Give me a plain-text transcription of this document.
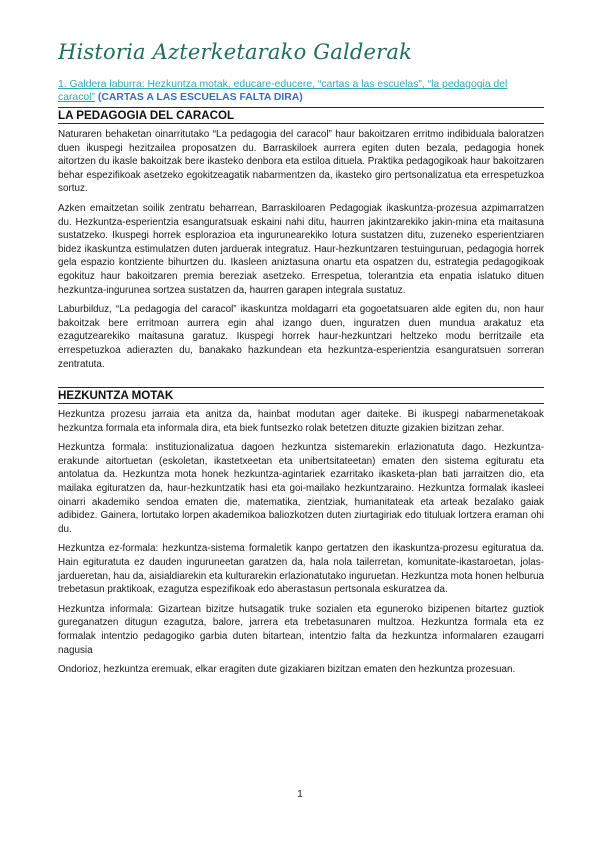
Historia Azterketarako Galderak
1. Galdera laburra: Hezkuntza motak, educare-educere, “cartas a las escuelas”, “la pedagogia del caracol” (CARTAS A LAS ESCUELAS FALTA DIRA)
LA PEDAGOGIA DEL CARACOL

Naturaren behaketan oinarritutako “La pedagogia del caracol” haur bakoitzaren erritmo indibiduala baloratzen duen ikuspegi hezitzailea proposatzen du. Barraskiloek aurrera egiten duten bezala, pedagogia honek aitortzen du ikasle bakoitzak bere ikasteko denbora eta estiloa dituela. Praktika pedagogikoak haur bakoitzaren behar espezifikoak asetzeko egokitzeagatik nabarmentzen da, ikasteko giro pertsonalizatua eta errespetuzkoa sortuz.

Azken emaitzetan soilik zentratu beharrean, Barraskiloaren Pedagogiak ikaskuntza-prozesua azpimarratzen du. Hezkuntza-esperientzia esanguratsuak eskaini nahi ditu, haurren jakintzarekiko jakin-mina eta maitasuna sustatzeko. Ikuspegi horrek esplorazioa eta ingurunearekiko lotura sustatzen ditu, zuzeneko esperientziaren bidez ikaskuntza estimulatzen duten jarduerak integratuz. Haur-hezkuntzaren testuinguruan, pedagogia horrek gela espazio kontziente bihurtzen du. Ikasleen aniztasuna onartu eta ospatzen du, estrategia pedagogikoak egokituz haur bakoitzaren premia bereziak asetzeko. Errespetua, tolerantzia eta enpatia islatuko dituen hezkuntza-ingurunea sortzea sustatzen da, haurren garapen integrala sustatuz.

Laburbilduz, “La pedagogia del caracol” ikaskuntza moldagarri eta gogoetatsuaren alde egiten du, non haur bakoitzak bere erritmoan aurrera egin ahal izango duen, inguratzen duen mundua arakatuz eta ezagutzearekiko maitasuna garatuz. Ikuspegi horrek haur-hezkuntzari heltzeko modu berritzaile eta errespetuzkoa adierazten du, banakako hazkundean eta hezkuntza-esperientzia esanguratsuen sorreran zentratuta.

HEZKUNTZA MOTAK

Hezkuntza prozesu jarraia eta anitza da, hainbat modutan ager daiteke. Bi ikuspegi nabarmenetakoak hezkuntza formala eta informala dira, eta biek funtsezko rolak betetzen dituzte gizakien bizitzan zehar.

Hezkuntza formala: instituzionalizatua dagoen hezkuntza sistemarekin erlazionatuta dago. Hezkuntza-erakunde aitortuetan (eskoletan, ikastetxeetan eta unibertsitateetan) ematen den sistema egituratu eta antolatua da. Hezkuntza mota honek hezkuntza-agintariek ezarritako ikasketa-plan bati jarraitzen dio, eta mailaka egituratzen da, haur-hezkuntzatik hasi eta goi-mailako hezkuntzaraino. Hezkuntza formalak ikasleei oinarri akademiko sendoa ematen die, matematika, zientziak, humanitateak eta arteak bezalako gaiak adibidez. Gainera, lortutako lorpen akademikoa baliozkotzen duten ziurtagiriak edo tituluak lortzera eraman ohi du.

Hezkuntza ez-formala: hezkuntza-sistema formaletik kanpo gertatzen den ikaskuntza-prozesu egituratua da. Hain egituratuta ez dauden inguruneetan garatzen da, hala nola tailerretan, komunitate-ikastaroetan, jolas-jardueretan, hau da, aisialdiarekin eta kulturarekin erlazionatutako inguruetan. Hezkuntza mota honen helburua trebetasun praktikoak, ezagutza espezifikoak edo aberastasun pertsonala eskuratzea da.

Hezkuntza informala: Gizartean bizitze hutsagatik truke sozialen eta eguneroko bizipenen bitartez guztiok gureganatzen ditugun ezagutza, balore, jarrera eta trebetasunaren multzoa. Hezkuntza formala eta ez formalak intentzio pedagogiko garbia duten bitartean, intentzio falta da hezkuntza informalaren ezaugarri nagusia

Ondorioz, hezkuntza eremuak, elkar eragiten dute gizakiaren bizitzan ematen den hezkuntza prozesuan.

1
